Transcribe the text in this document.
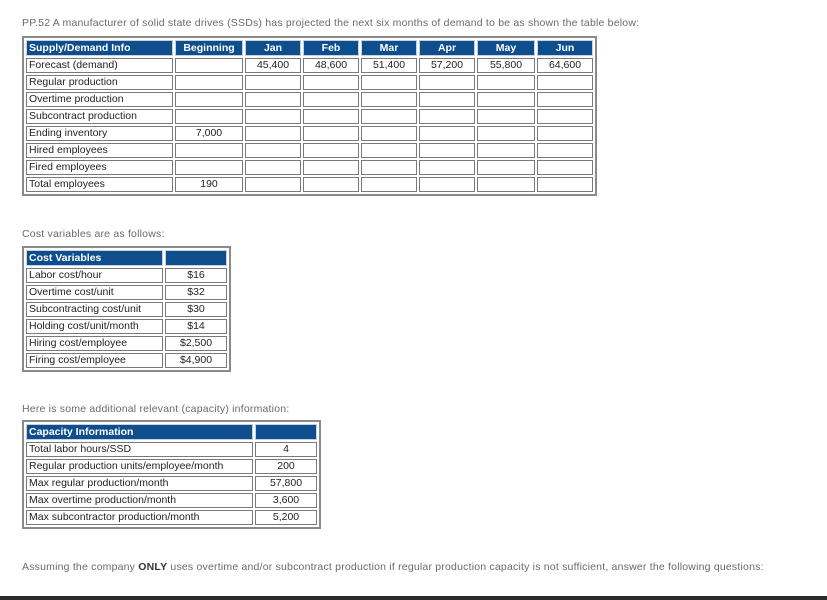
PP.52 A manufacturer of solid state drives (SSDs) has projected the next six months of demand to be as shown the table below:

Supply/Demand Info	Beginning	Jan	Feb	Mar	Apr	May	Jun
Forecast (demand)		45,400	48,600	51,400	57,200	55,800	64,600
Regular production							
Overtime production							
Subcontract production							
Ending inventory	7,000						
Hired employees							
Fired employees							
Total employees	190						

Cost variables are as follows:

Cost Variables	
Labor cost/hour	$16
Overtime cost/unit	$32
Subcontracting cost/unit	$30
Holding cost/unit/month	$14
Hiring cost/employee	$2,500
Firing cost/employee	$4,900

Here is some additional relevant (capacity) information:

Capacity Information	
Total labor hours/SSD	4
Regular production units/employee/month	200
Max regular production/month	57,800
Max overtime production/month	3,600
Max subcontractor production/month	5,200

Assuming the company ONLY uses overtime and/or subcontract production if regular production capacity is not sufficient, answer the following questions:
